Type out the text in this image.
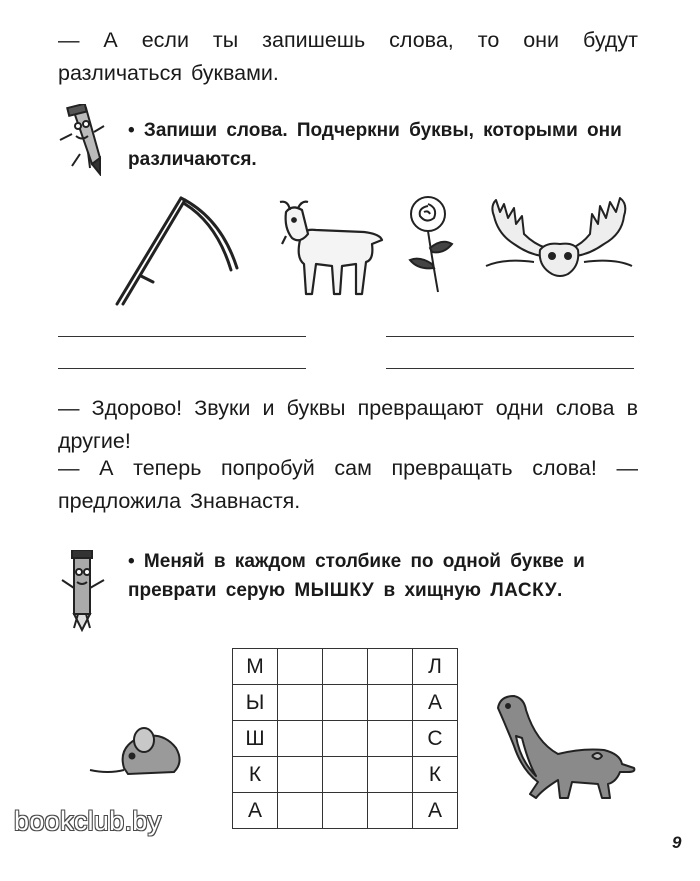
— А если ты запишешь слова, то они будут различаться буквами.
• Запиши слова. Подчеркни буквы, которыми они различаются.
— Здорово! Звуки и буквы превращают одни слова в другие!
— А теперь попробуй сам превращать слова! — предложила Знавнастя.
• Меняй в каждом столбике по одной букве и преврати серую МЫШКУ в хищную ЛАСКУ.
М				Л
Ы				А
Ш				С
К				К
А				А
bookclub.by
9
